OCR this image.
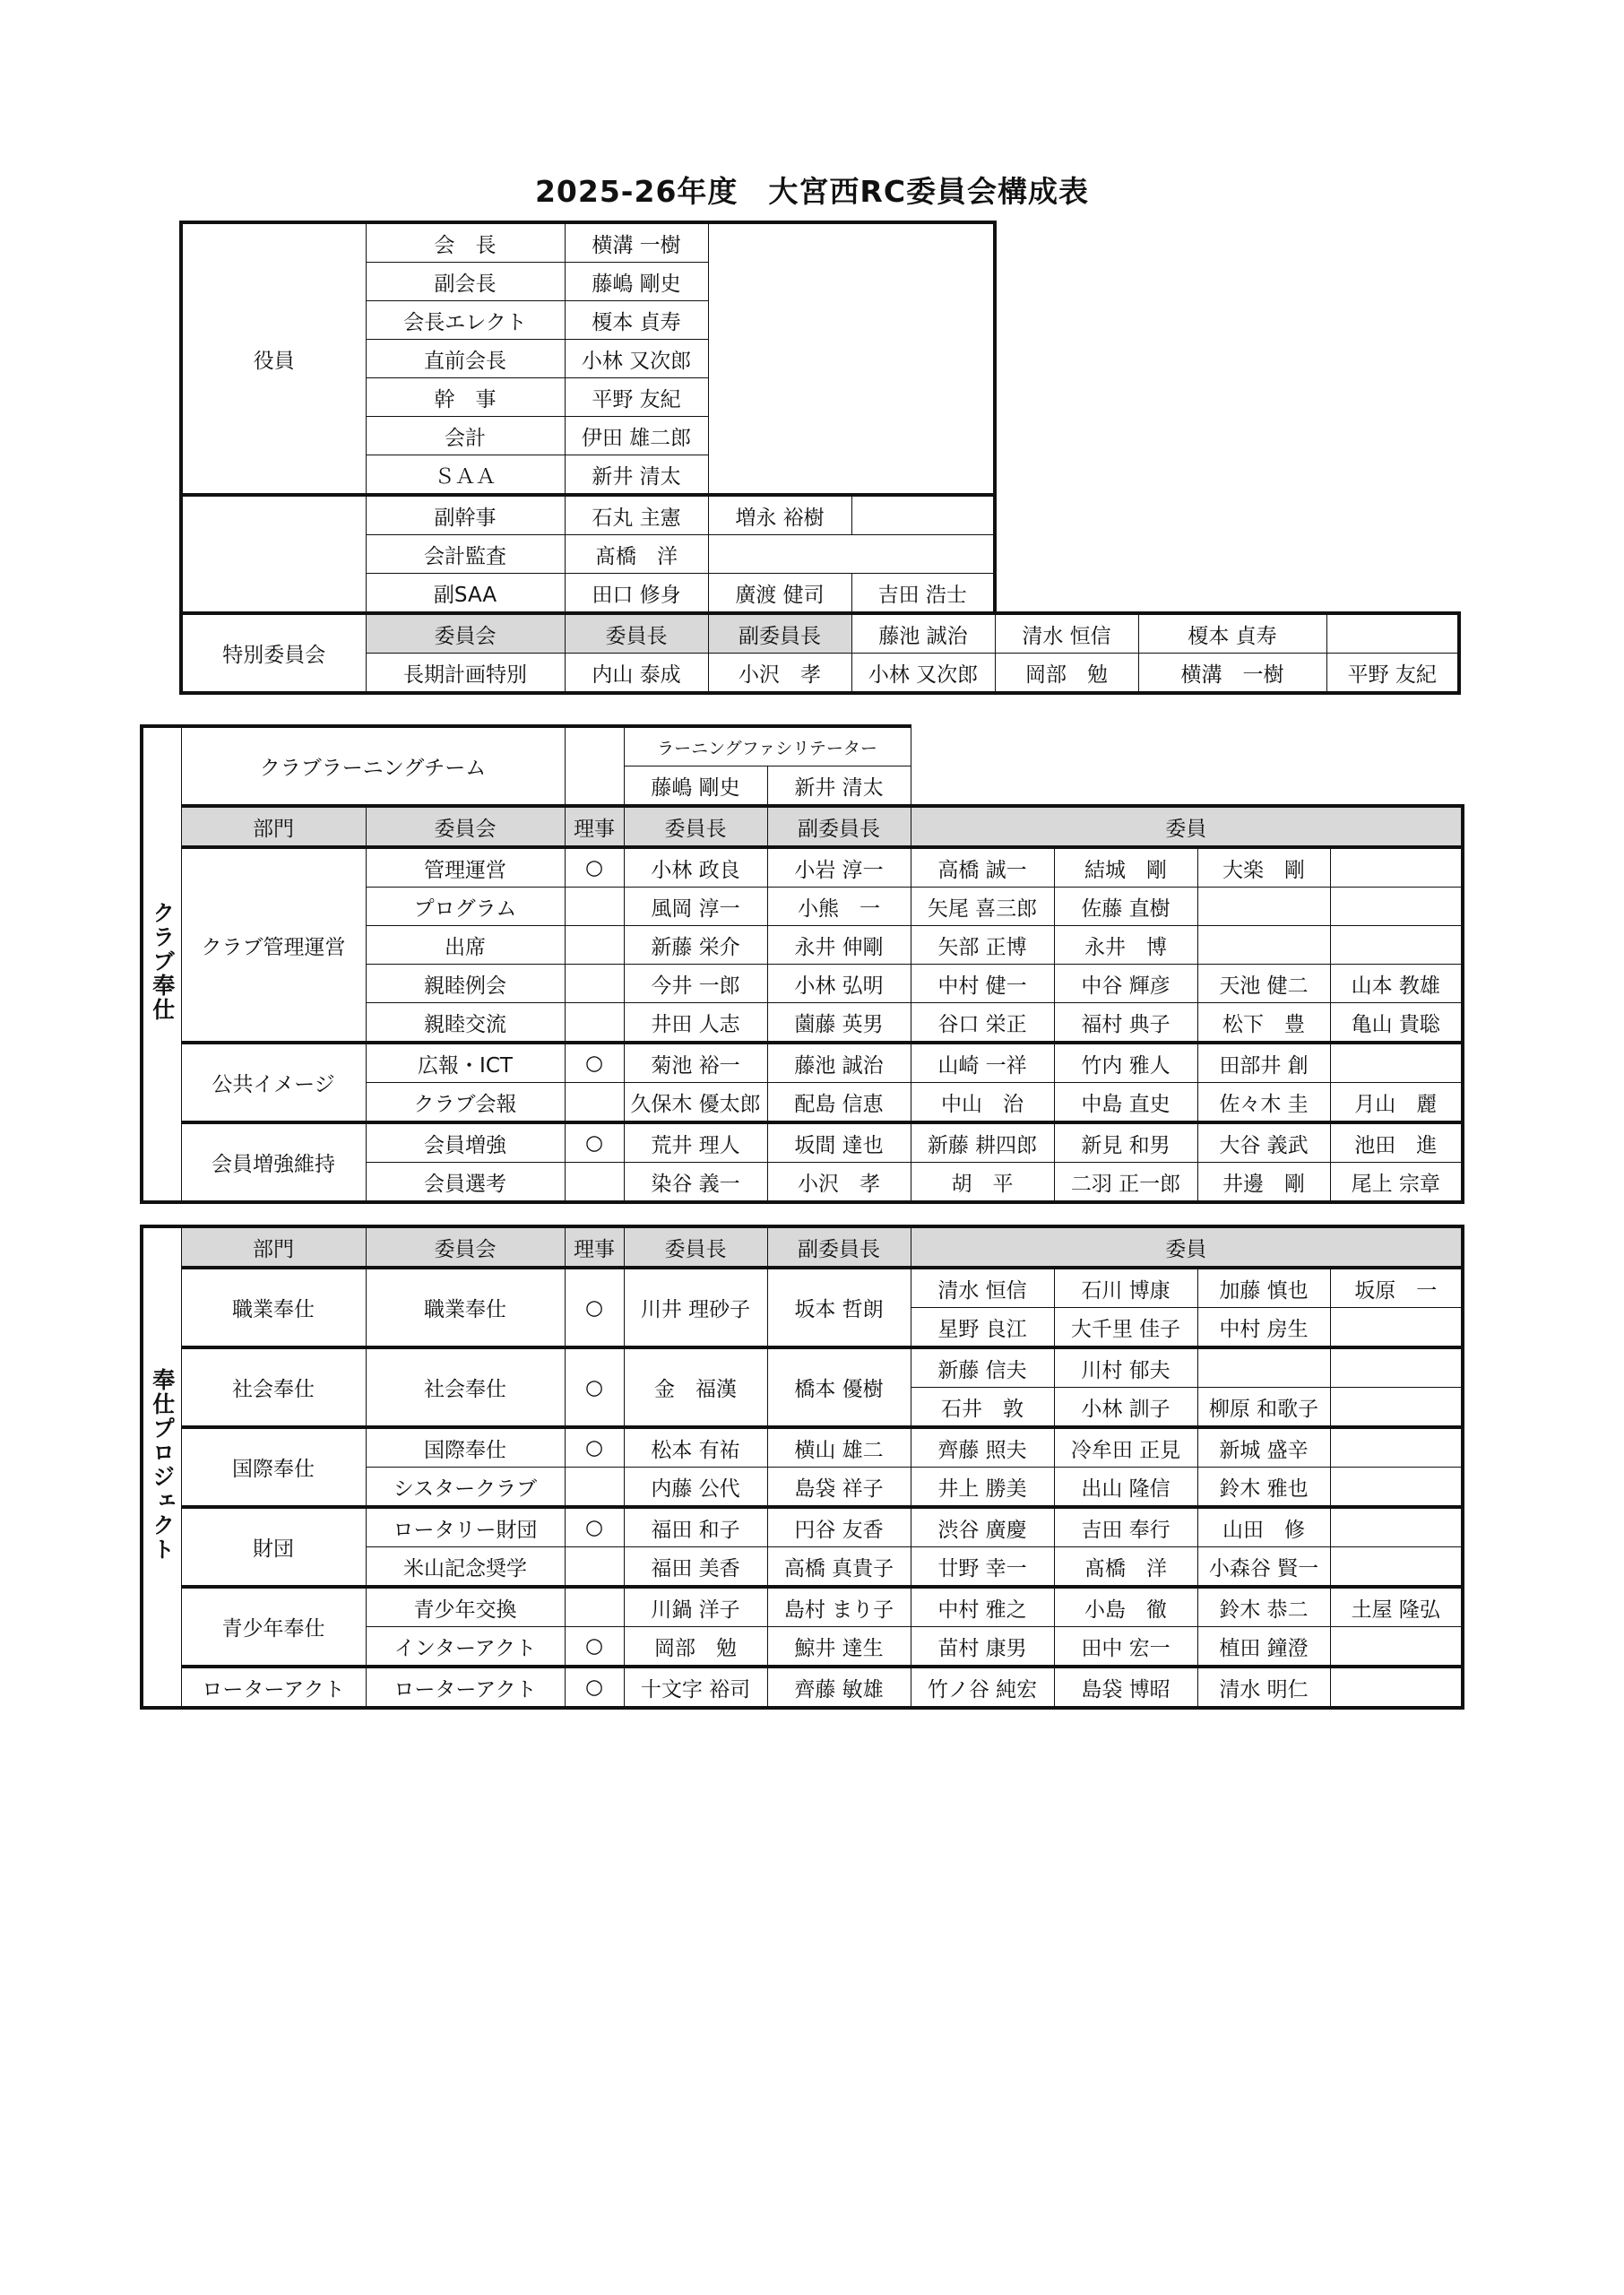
2025-26年度　大宮西RC委員会構成表
役員	会　長	横溝 一樹					
	副会長	藤嶋 剛史					
	会長エレクト	榎本 貞寿					
	直前会長	小林 又次郎					
	幹　事	平野 友紀					
	会計	伊田 雄二郎					
	ＳＡＡ	新井 清太					
	副幹事	石丸 主憲	増永 裕樹				
	会計監査	髙橋　洋					
	副SAA	田口 修身	廣渡 健司	吉田 浩士			
特別委員会	委員会	委員長	副委員長	藤池 誠治	清水 恒信	榎本 貞寿	
	長期計画特別	内山 泰成	小沢　孝	小林 又次郎	岡部　勉	横溝　一樹	平野 友紀
クラブ奉仕	クラブラーニングチーム			ラーニングファシリテーター					
				藤嶋 剛史	新井 清太				
	部門	委員会	理事	委員長	副委員長	委員			
	クラブ管理運営	管理運営	○	小林 政良	小岩 淳一	高橋 誠一	結城　剛	大楽　剛	
		プログラム		風岡 淳一	小熊　一	矢尾 喜三郎	佐藤 直樹		
		出席		新藤 栄介	永井 伸剛	矢部 正博	永井　博		
		親睦例会		今井 一郎	小林 弘明	中村 健一	中谷 輝彦	天池 健二	山本 教雄
		親睦交流		井田 人志	薗藤 英男	谷口 栄正	福村 典子	松下　豊	亀山 貴聡
	公共イメージ	広報・ICT	○	菊池 裕一	藤池 誠治	山崎 一祥	竹内 雅人	田部井 創	
		クラブ会報		久保木 優太郎	配島 信恵	中山　治	中島 直史	佐々木 圭	月山　麗
	会員増強維持	会員増強	○	荒井 理人	坂間 達也	新藤 耕四郎	新見 和男	大谷 義武	池田　進
		会員選考		染谷 義一	小沢　孝	胡　平	二羽 正一郎	井邊　剛	尾上 宗章
奉仕プロジェクト	部門	委員会	理事	委員長	副委員長	委員			
	職業奉仕	職業奉仕	○	川井 理砂子	坂本 哲朗	清水 恒信	石川 博康	加藤 慎也	坂原　一
						星野 良江	大千里 佳子	中村 房生	
	社会奉仕	社会奉仕	○	金　福漢	橋本 優樹	新藤 信夫	川村 郁夫		
						石井　敦	小林 訓子	柳原 和歌子	
	国際奉仕	国際奉仕	○	松本 有祐	横山 雄二	齊藤 照夫	冷牟田 正見	新城 盛辛	
		シスタークラブ		内藤 公代	島袋 祥子	井上 勝美	出山 隆信	鈴木 雅也	
	財団	ロータリー財団	○	福田 和子	円谷 友香	渋谷 廣慶	吉田 奉行	山田　修	
		米山記念奨学		福田 美香	高橋 真貴子	廿野 幸一	髙橋　洋	小森谷 賢一	
	青少年奉仕	青少年交換		川鍋 洋子	島村 まり子	中村 雅之	小島　徹	鈴木 恭二	土屋 隆弘
		インターアクト	○	岡部　勉	鯨井 達生	苗村 康男	田中 宏一	植田 鐘澄	
	ローターアクト	ローターアクト	○	十文字 裕司	齊藤 敏雄	竹ノ谷 純宏	島袋 博昭	清水 明仁	
